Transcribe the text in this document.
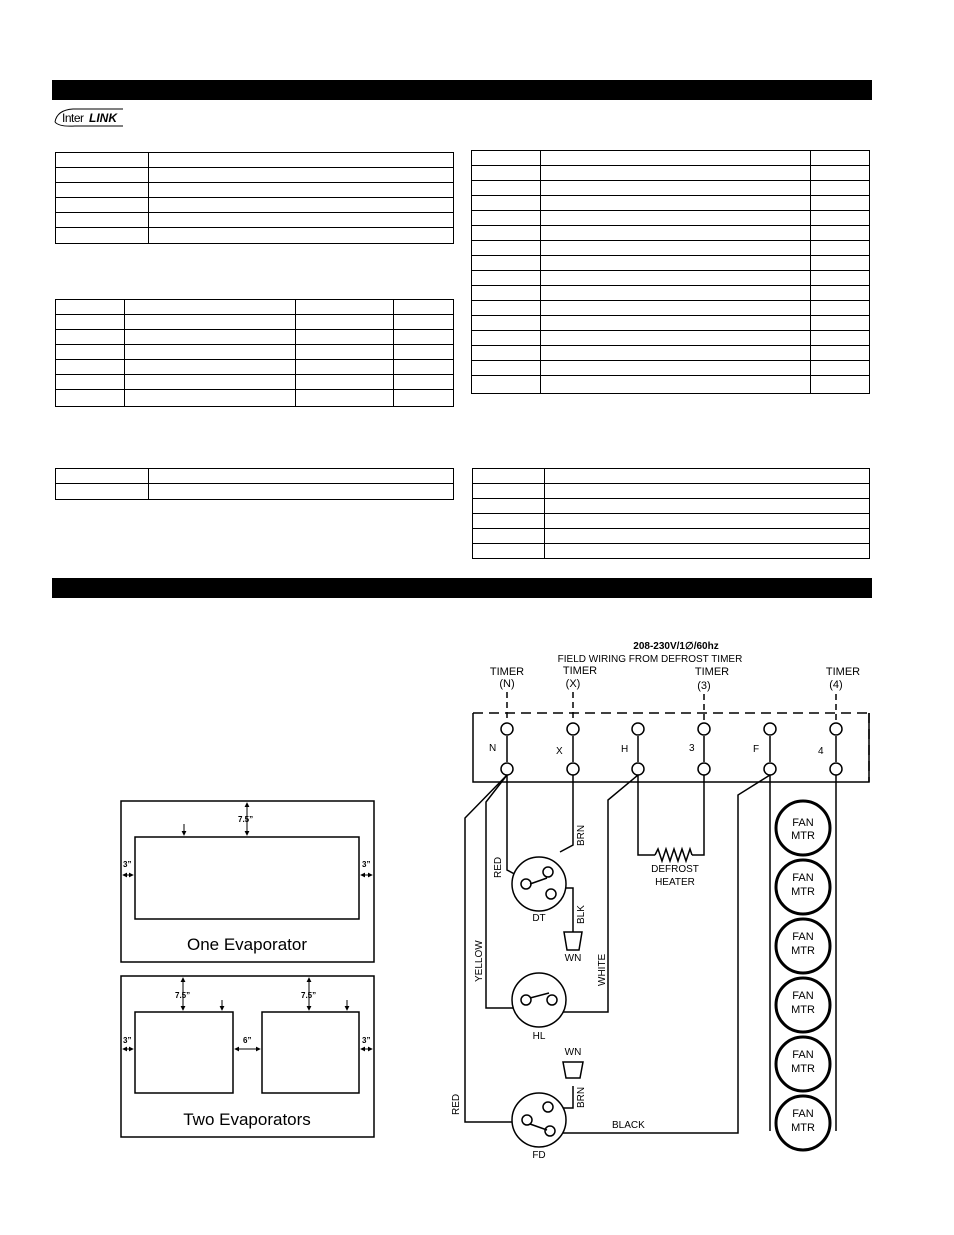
Inter LINK

7.5”
3”	3”
One Evaporator
7.5”	7.5”
3”	6”	3”
Two Evaporators
208-230V/1∅/60hz
FIELD WIRING FROM DEFROST TIMER
TIMER
(N)
TIMER
(X)
TIMER
(3)
TIMER
(4)
N	X	H	3	F	4
DT
WN
HL
WN
FD
FAN
MTR
FAN
MTR
FAN
MTR
FAN
MTR
FAN
MTR
FAN
MTR
DEFROST
HEATER
RED
BRN
BLK
YELLOW	WHITE
RED	BRN
BLACK
